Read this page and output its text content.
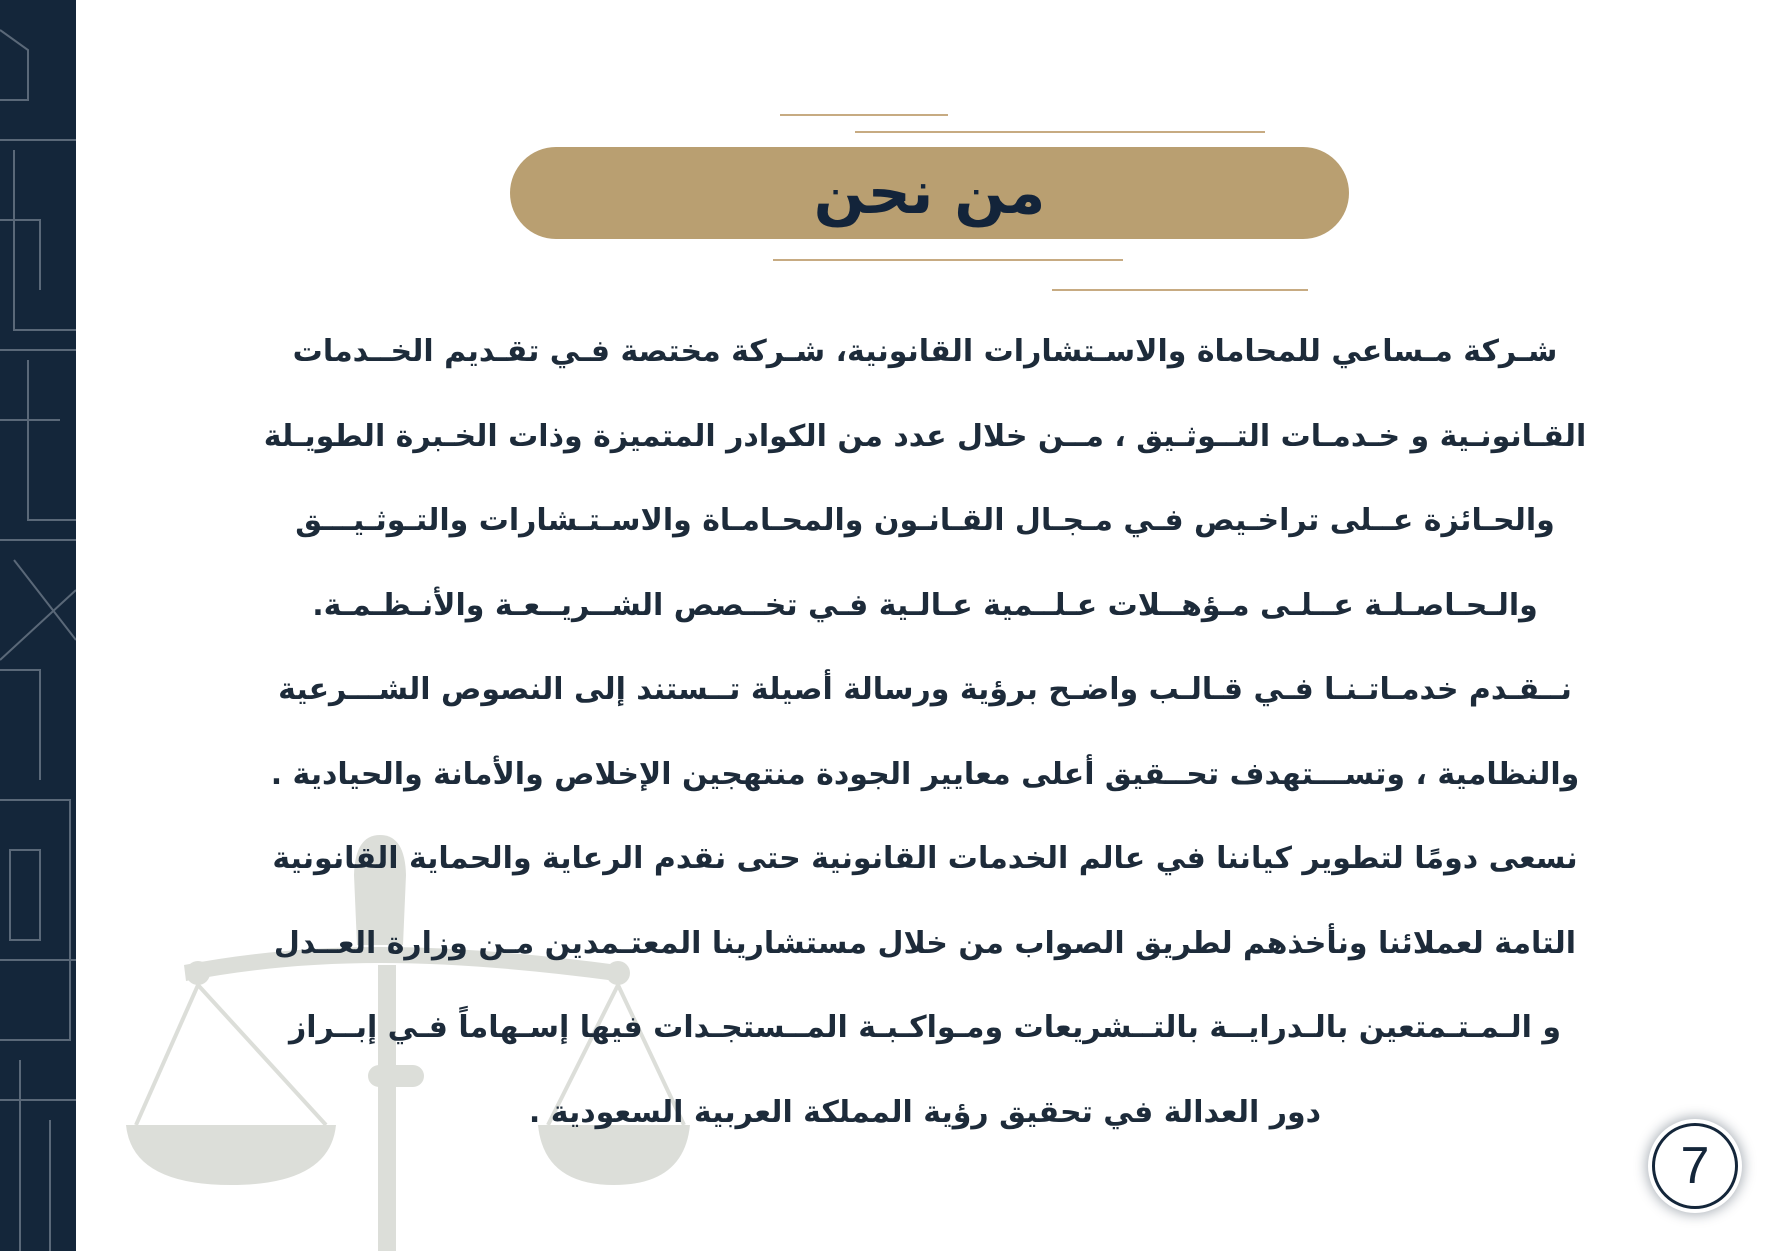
من نحن

شـركة مـساعي للمحاماة والاسـتشارات القانونية، شـركة مختصة فـي تقـديم الخــدمات

القـانونـية و خـدمـات التــوثـيق ، مــن خلال عدد من الكوادر المتميزة وذات الخـبرة الطويـلة

والحـائزة عــلى تراخـيص فـي مـجـال القـانـون والمحـامـاة والاسـتـشارات والتـوثـيـــق

والـحـاصـلـة عــلـى مـؤهــلات عـلــمية عـالـية فـي تخــصص الشــريــعـة والأنـظـمـة.

نــقـدم خدمـاتـنـا فـي قـالـب واضـح برؤية ورسالة أصيلة تــستند إلى النصوص الشـــرعية

والنظامية ، وتســـتهدف تحــقيق أعلى معايير الجودة منتهجين الإخلاص والأمانة والحيادية .

نسعى دومًا لتطوير كياننا في عالم الخدمات القانونية حتى نقدم الرعاية والحماية القانونية

التامة لعملائنا ونأخذهم لطريق الصواب من خلال مستشارينا المعتـمدين مـن وزارة العــدل

و الـمـتـمتعين بالـدرايــة بالتــشريعات ومـواكـبـة المــستجـدات فيها إسـهاماً فـي إبــراز

دور العدالة في تحقيق رؤية المملكة العربية السعودية .

7
